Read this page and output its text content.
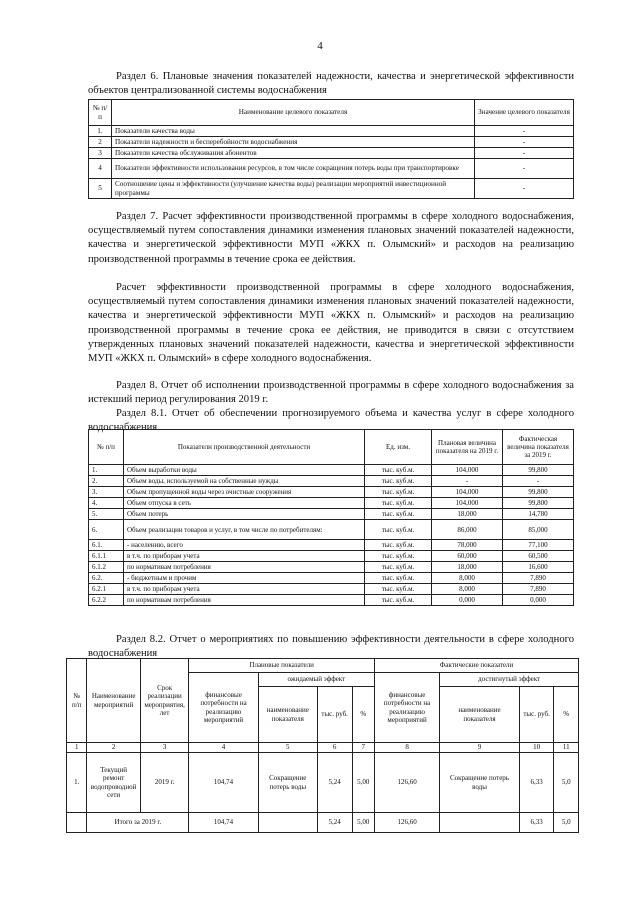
4
Раздел 6. Плановые значения показателей надежности, качества и энергетической эффективности объектов централизованной системы водоснабжения
№ п/п	Наименование целевого показателя	Значение целевого показателя
1.	Показатели качества воды	-
2	Показатели надежности и бесперебойности водоснабжения	-
3	Показатели качества обслуживания абонентов	-
4	Показатели эффективности использования ресурсов, в том числе сокращения потерь воды при транспортировке	-
5	Соотношение цены и эффективности (улучшение качества воды) реализации мероприятий инвестиционной программы	-
Раздел 7. Расчет эффективности производственной программы в сфере холодного водоснабжения, осуществляемый путем сопоставления динамики изменения плановых значений показателей надежности, качества и энергетической эффективности МУП «ЖКХ п. Олымский» и расходов на реализацию производственной программы в течение срока ее действия.
Расчет эффективности производственной программы в сфере холодного водоснабжения, осуществляемый путем сопоставления динамики изменения плановых значений показателей надежности, качества и энергетической эффективности МУП «ЖКХ п. Олымский» и расходов на реализацию производственной программы в течение срока ее действия, не приводится в связи с отсутствием утвержденных плановых значений показателей надежности, качества и энергетической эффективности МУП «ЖКХ п. Олымский» в сфере холодного водоснабжения.
Раздел 8. Отчет об исполнении производственной программы в сфере холодного водоснабжения за истекший период регулирования 2019 г.
Раздел 8.1. Отчет об обеспечении прогнозируемого объема и качества услуг в сфере холодного водоснабжения
№ п/п	Показатели производственной деятельности	Ед. изм.	Плановая величина показателя на 2019 г.	Фактическая величина показателя за 2019 г.
1.	Объем выработки воды	тыс. куб.м.	104,000	99,800
2.	Объем воды, используемой на собственные нужды	тыс. куб.м.	-	-
3.	Объем пропущенной воды через очистные сооружения	тыс. куб.м.	104,000	99,800
4.	Объем отпуска в сеть	тыс. куб.м.	104,000	99,800
5.	Объем потерь	тыс. куб.м.	18,000	14,780
6.	Объем реализации товаров и услуг, в том числе по потребителям:	тыс. куб.м.	86,000	85,000
6.1.	- населению, всего	тыс. куб.м.	78,000	77,100
6.1.1	в т.ч. по приборам учета	тыс. куб.м.	60,000	60,500
6.1.2	по нормативам потребления	тыс. куб.м.	18,000	16,600
6.2.	- бюджетным и прочим	тыс. куб.м.	8,000	7,890
6.2.1	в т.ч. по приборам учета	тыс. куб.м.	8,000	7,890
6.2.2	по нормативам потребления	тыс. куб.м.	0,000	0,000
Раздел 8.2. Отчет о мероприятиях по повышению эффективности деятельности в сфере холодного водоснабжения
№ п/п	Наименование мероприятий	Срок реализации мероприятия, лет	Плановые показатели				Фактические показатели			
			финансовые потребности на реализацию мероприятий	ожидаемый эффект			финансовые потребности на реализацию мероприятий	достигнутый эффект		
				наименование показателя	тыс. руб.	%		наименование показателя	тыс. руб.	%
1	2	3	4	5	6	7	8	9	10	11
1.	Текущий ремонт водопроводной сети	2019 г.	104,74	Сокращение потерь воды	5,24	5,00	126,60	Сокращение потерь воды	6,33	5,0
	Итого за 2019 г.		104,74		5,24	5,00	126,60		6,33	5,0
